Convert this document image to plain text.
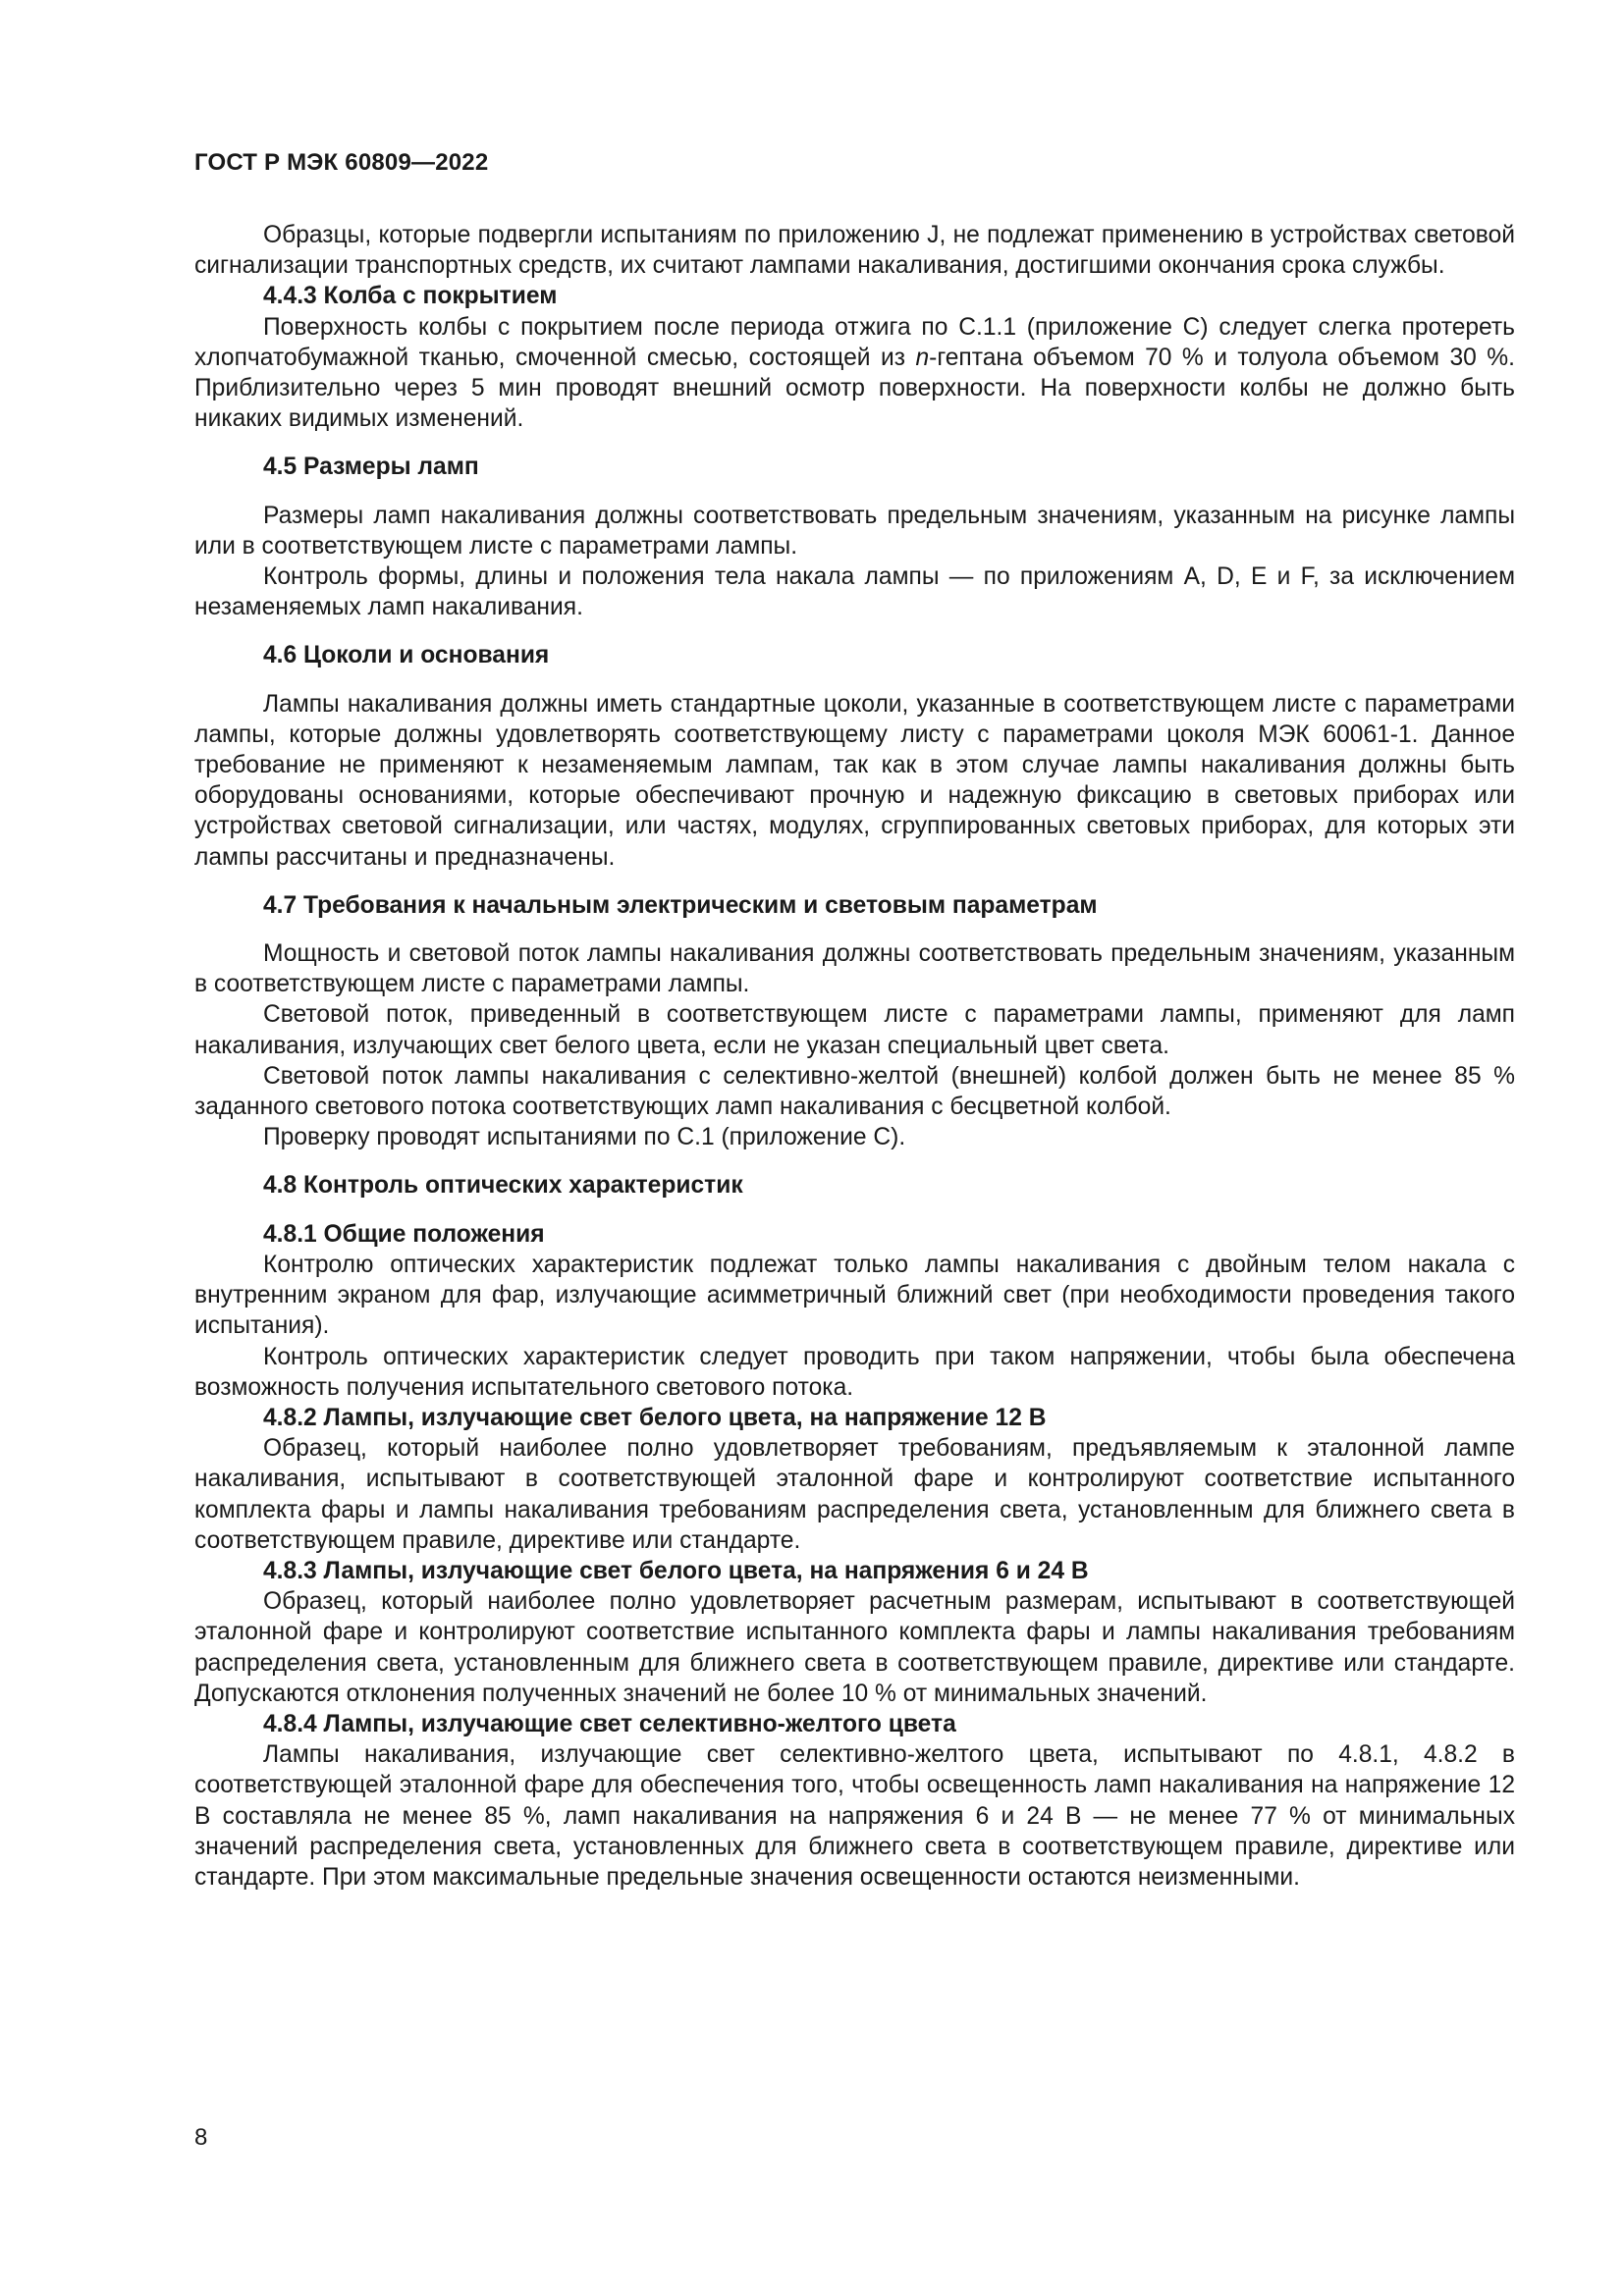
ГОСТ Р МЭК 60809—2022

Образцы, которые подвергли испытаниям по приложению J, не подлежат применению в устройствах световой сигнализации транспортных средств, их считают лампами накаливания, достигшими окончания срока службы.

4.4.3 Колба с покрытием

Поверхность колбы с покрытием после периода отжига по C.1.1 (приложение C) следует слегка протереть хлопчатобумажной тканью, смоченной смесью, состоящей из n-гептана объемом 70 % и толуола объемом 30 %. Приблизительно через 5 мин проводят внешний осмотр поверхности. На поверхности колбы не должно быть никаких видимых изменений.

4.5 Размеры ламп

Размеры ламп накаливания должны соответствовать предельным значениям, указанным на рисунке лампы или в соответствующем листе с параметрами лампы.

Контроль формы, длины и положения тела накала лампы — по приложениям A, D, E и F, за исключением незаменяемых ламп накаливания.

4.6 Цоколи и основания

Лампы накаливания должны иметь стандартные цоколи, указанные в соответствующем листе с параметрами лампы, которые должны удовлетворять соответствующему листу с параметрами цоколя МЭК 60061-1. Данное требование не применяют к незаменяемым лампам, так как в этом случае лампы накаливания должны быть оборудованы основаниями, которые обеспечивают прочную и надежную фиксацию в световых приборах или устройствах световой сигнализации, или частях, модулях, сгруппированных световых приборах, для которых эти лампы рассчитаны и предназначены.

4.7 Требования к начальным электрическим и световым параметрам

Мощность и световой поток лампы накаливания должны соответствовать предельным значениям, указанным в соответствующем листе с параметрами лампы.

Световой поток, приведенный в соответствующем листе с параметрами лампы, применяют для ламп накаливания, излучающих свет белого цвета, если не указан специальный цвет света.

Световой поток лампы накаливания с селективно-желтой (внешней) колбой должен быть не менее 85 % заданного светового потока соответствующих ламп накаливания с бесцветной колбой.

Проверку проводят испытаниями по C.1 (приложение C).

4.8 Контроль оптических характеристик
4.8.1 Общие положения

Контролю оптических характеристик подлежат только лампы накаливания с двойным телом накала с внутренним экраном для фар, излучающие асимметричный ближний свет (при необходимости проведения такого испытания).

Контроль оптических характеристик следует проводить при таком напряжении, чтобы была обеспечена возможность получения испытательного светового потока.

4.8.2 Лампы, излучающие свет белого цвета, на напряжение 12 В

Образец, который наиболее полно удовлетворяет требованиям, предъявляемым к эталонной лампе накаливания, испытывают в соответствующей эталонной фаре и контролируют соответствие испытанного комплекта фары и лампы накаливания требованиям распределения света, установленным для ближнего света в соответствующем правиле, директиве или стандарте.

4.8.3 Лампы, излучающие свет белого цвета, на напряжения 6 и 24 В

Образец, который наиболее полно удовлетворяет расчетным размерам, испытывают в соответствующей эталонной фаре и контролируют соответствие испытанного комплекта фары и лампы накаливания требованиям распределения света, установленным для ближнего света в соответствующем правиле, директиве или стандарте. Допускаются отклонения полученных значений не более 10 % от минимальных значений.

4.8.4 Лампы, излучающие свет селективно-желтого цвета

Лампы накаливания, излучающие свет селективно-желтого цвета, испытывают по 4.8.1, 4.8.2 в соответствующей эталонной фаре для обеспечения того, чтобы освещенность ламп накаливания на напряжение 12 В составляла не менее 85 %, ламп накаливания на напряжения 6 и 24 В — не менее 77 % от минимальных значений распределения света, установленных для ближнего света в соответствующем правиле, директиве или стандарте. При этом максимальные предельные значения освещенности остаются неизменными.

8
